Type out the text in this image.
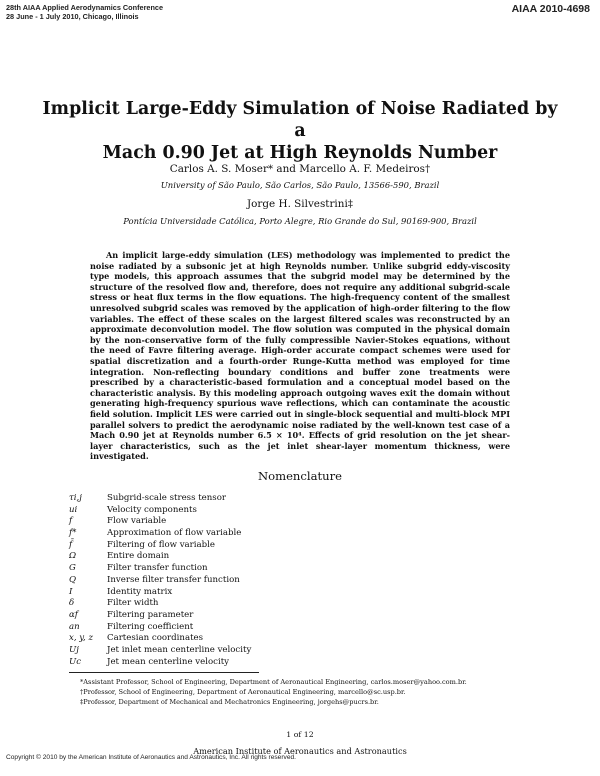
28th AIAA Applied Aerodynamics Conference
28 June - 1 July 2010, Chicago, Illinois
AIAA 2010-4698
Implicit Large-Eddy Simulation of Noise Radiated by a
Mach 0.90 Jet at High Reynolds Number
Carlos A. S. Moser* and Marcello A. F. Medeiros†
University of São Paulo, São Carlos, São Paulo, 13566-590, Brazil
Jorge H. Silvestrini‡
Pontícia Universidade Católica, Porto Alegre, Rio Grande do Sul, 90169-900, Brazil

An implicit large-eddy simulation (LES) methodology was implemented to predict the noise radiated by a subsonic jet at high Reynolds number. Unlike subgrid eddy-viscosity type models, this approach assumes that the subgrid model may be determined by the structure of the resolved flow and, therefore, does not require any additional subgrid-scale stress or heat flux terms in the flow equations. The high-frequency content of the smallest unresolved subgrid scales was removed by the application of high-order filtering to the flow variables. The effect of these scales on the largest filtered scales was reconstructed by an approximate deconvolution model. The flow solution was computed in the physical domain by the non-conservative form of the fully compressible Navier-Stokes equations, without the need of Favre filtering average. High-order accurate compact schemes were used for spatial discretization and a fourth-order Runge-Kutta method was employed for time integration. Non-reflecting boundary conditions and buffer zone treatments were prescribed by a characteristic-based formulation and a conceptual model based on the characteristic analysis. By this modeling approach outgoing waves exit the domain without generating high-frequency spurious wave reflections, which can contaminate the acoustic field solution. Implicit LES were carried out in single-block sequential and multi-block MPI parallel solvers to predict the aerodynamic noise radiated by the well-known test case of a Mach 0.90 jet at Reynolds number 6.5 × 10⁴. Effects of grid resolution on the jet shear-layer characteristics, such as the jet inlet shear-layer momentum thickness, were investigated.

Nomenclature
τi,j	Subgrid-scale stress tensor
ui	Velocity components
f	Flow variable
f*	Approximation of flow variable
f̄	Filtering of flow variable
Ω	Entire domain
G	Filter transfer function
Q	Inverse filter transfer function
I	Identity matrix
δ	Filter width
αf	Filtering parameter
an	Filtering coefficient
x, y, z Cartesian coordinates
Uj	Jet inlet mean centerline velocity
Uc	Jet mean centerline velocity
*Assistant Professor, School of Engineering, Department of Aeronautical Engineering, carlos.moser@yahoo.com.br.
†Professor, School of Engineering, Department of Aeronautical Engineering, marcello@sc.usp.br.
‡Professor, Department of Mechanical and Mechatronics Engineering, jorgehs@pucrs.br.
1 of 12
American Institute of Aeronautics and Astronautics
Copyright © 2010 by the American Institute of Aeronautics and Astronautics, Inc. All rights reserved.
